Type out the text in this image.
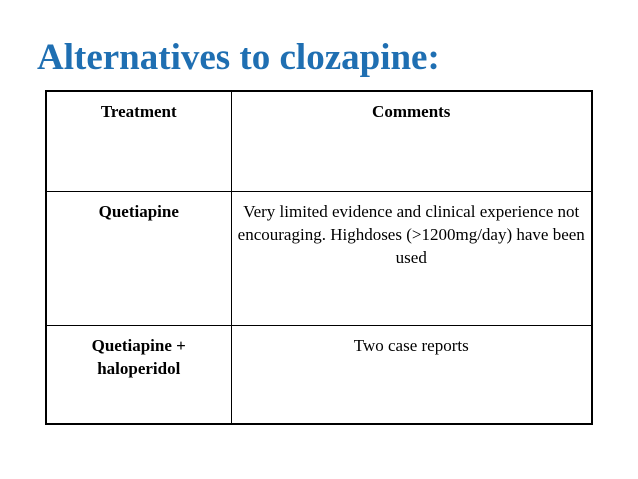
Alternatives to clozapine:
Treatment	Comments
Quetiapine	Very limited evidence and clinical experience not encouraging. Highdoses (>1200mg/day) have been used

Quetiapine + haloperidol	Two case reports
